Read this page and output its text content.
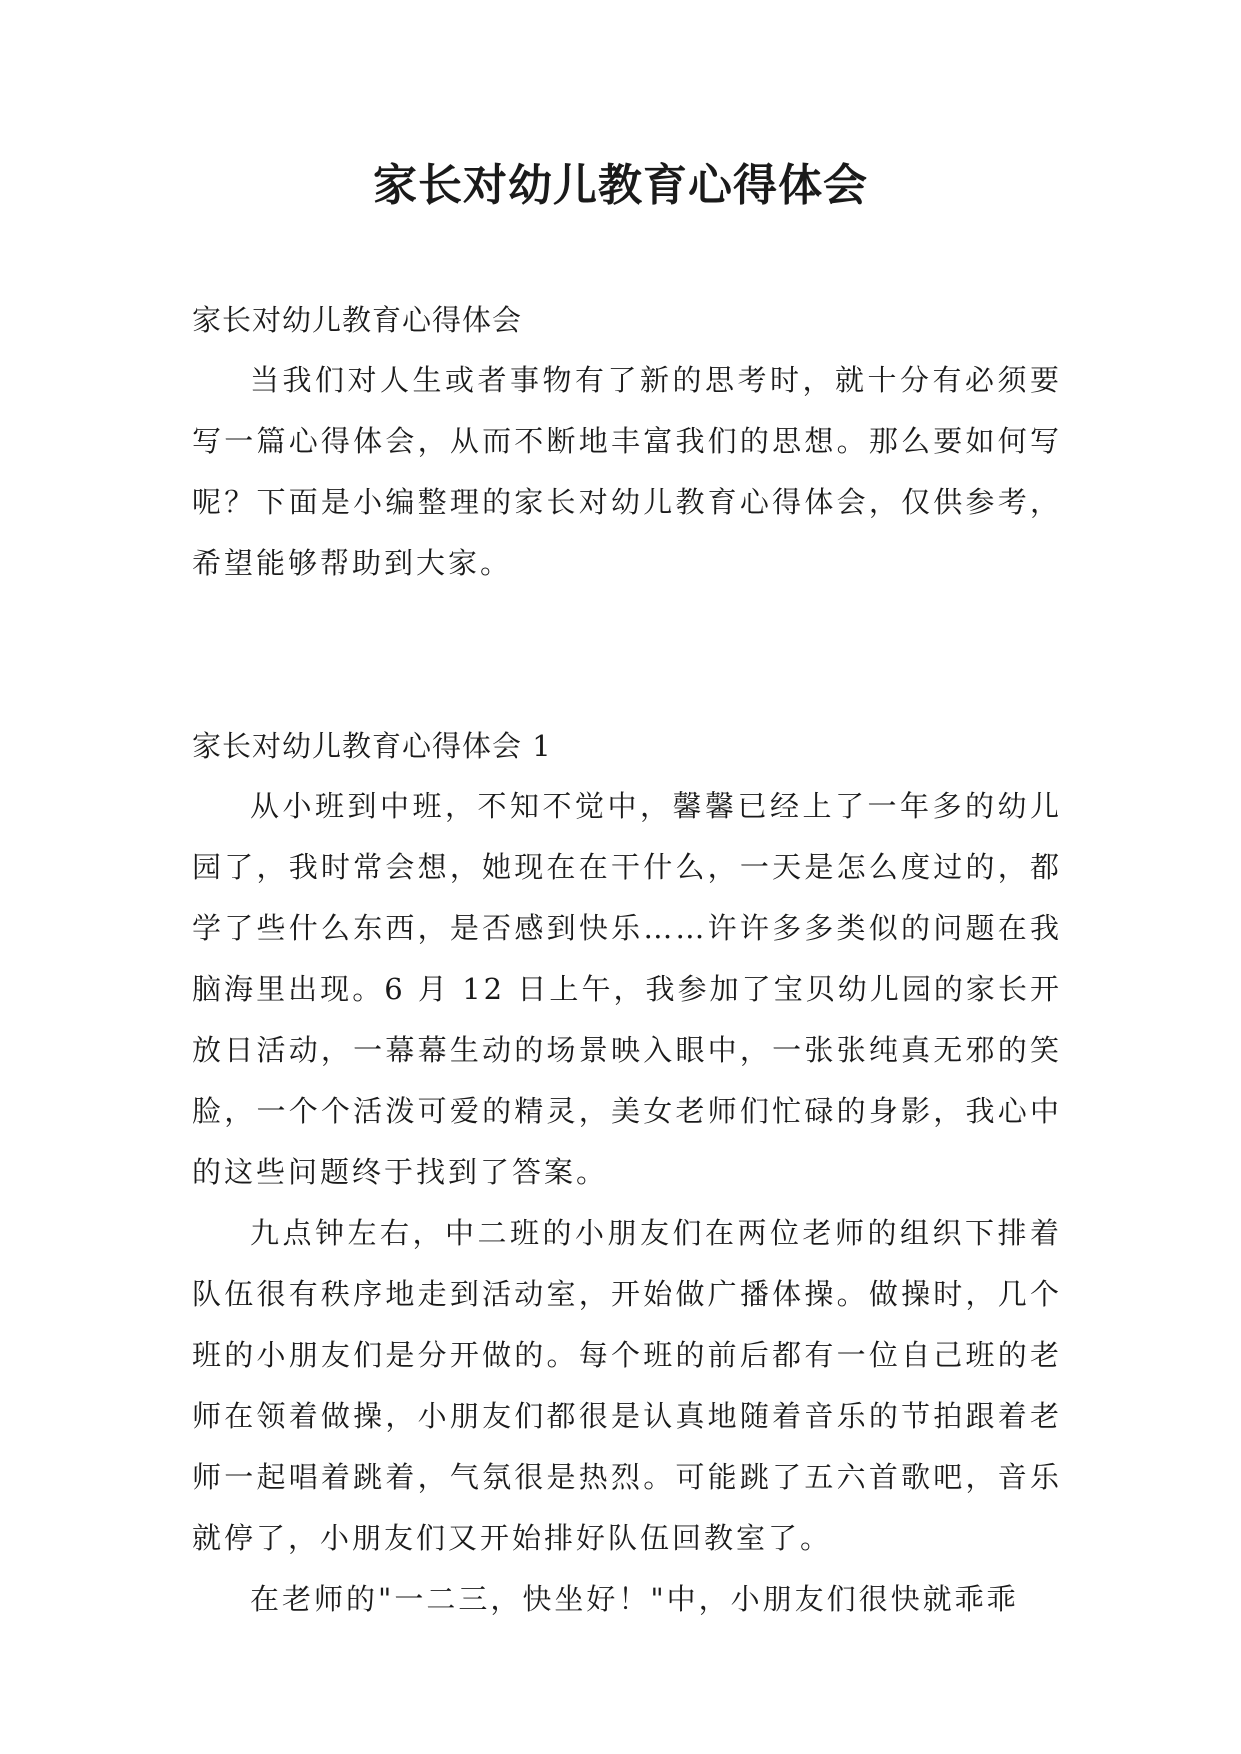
家长对幼儿教育心得体会

家长对幼儿教育心得体会

当我们对人生或者事物有了新的思考时，就十分有必须要写一篇心得体会，从而不断地丰富我们的思想。那么要如何写呢？下面是小编整理的家长对幼儿教育心得体会，仅供参考，希望能够帮助到大家。

家长对幼儿教育心得体会 1

从小班到中班，不知不觉中，馨馨已经上了一年多的幼儿园了，我时常会想，她现在在干什么，一天是怎么度过的，都学了些什么东西，是否感到快乐……许许多多类似的问题在我脑海里出现。6 月 12 日上午，我参加了宝贝幼儿园的家长开放日活动，一幕幕生动的场景映入眼中，一张张纯真无邪的笑脸，一个个活泼可爱的精灵，美女老师们忙碌的身影，我心中的这些问题终于找到了答案。

九点钟左右，中二班的小朋友们在两位老师的组织下排着队伍很有秩序地走到活动室，开始做广播体操。做操时，几个班的小朋友们是分开做的。每个班的前后都有一位自己班的老师在领着做操，小朋友们都很是认真地随着音乐的节拍跟着老师一起唱着跳着，气氛很是热烈。可能跳了五六首歌吧，音乐就停了，小朋友们又开始排好队伍回教室了。

在老师的"一二三，快坐好！"中，小朋友们很快就乖乖
